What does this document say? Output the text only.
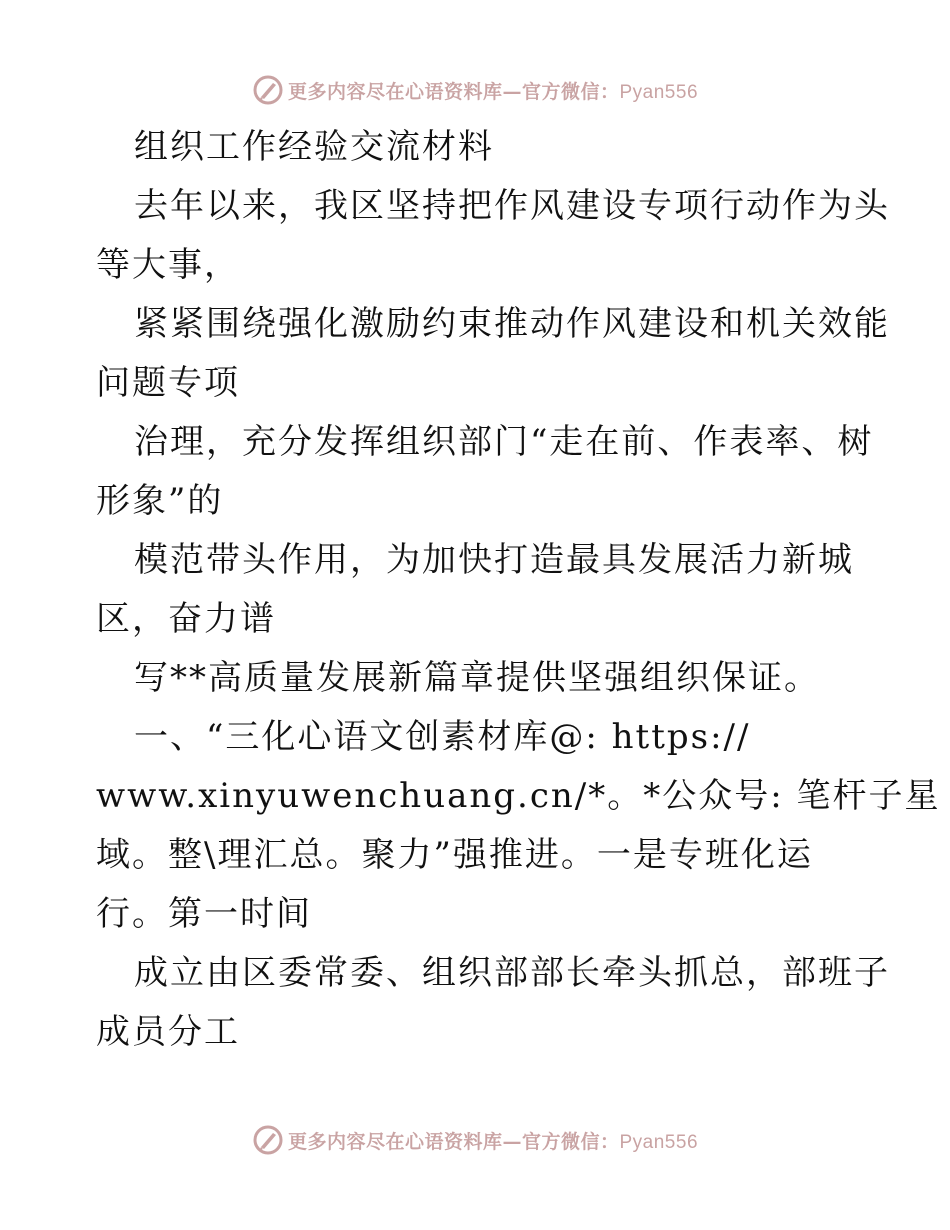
更多内容尽在心语资料库—官方微信：Pyan556
组织工作经验交流材料
去年以来，我区坚持把作风建设专项行动作为头
等大事，
紧紧围绕强化激励约束推动作风建设和机关效能
问题专项
治理，充分发挥组织部门“走在前、作表率、树
形象”的
模范带头作用，为加快打造最具发展活力新城
区，奋力谱
写**高质量发展新篇章提供坚强组织保证。
一、“三化心语文创素材库@: https://
www.xinyuwenchuang.cn/*。*公众号: 笔杆子星
域。整\理汇总。聚力”强推进。一是专班化运
行。第一时间
成立由区委常委、组织部部长牵头抓总，部班子
成员分工
更多内容尽在心语资料库—官方微信：Pyan556
